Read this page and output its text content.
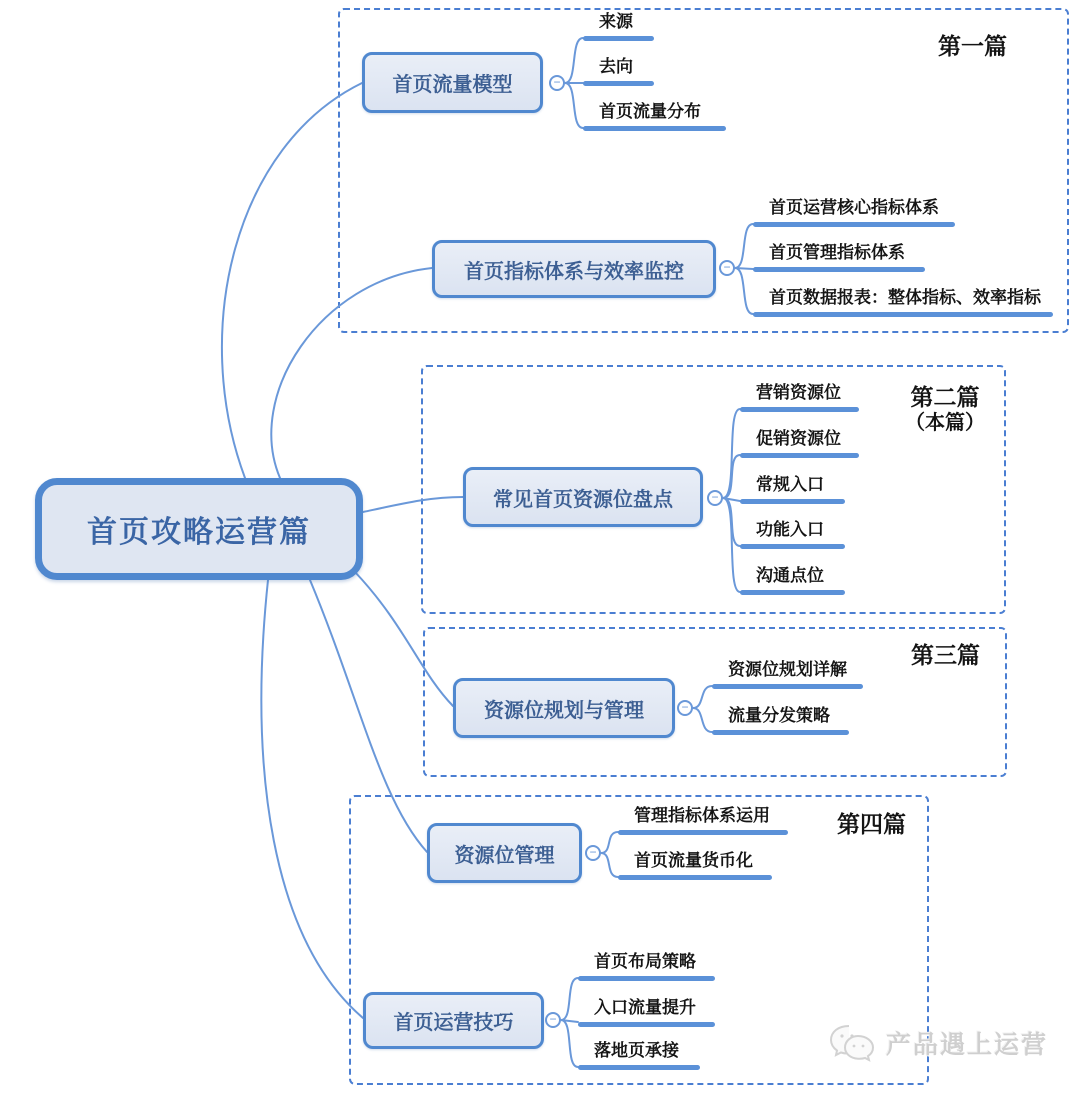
第一篇
第二篇
（本篇）
第三篇
第四篇
首页攻略运营篇
首页流量模型
首页指标体系与效率监控
常见首页资源位盘点
资源位规划与管理
资源位管理
首页运营技巧
−
−
−
−
−
−
来源
去向
首页流量分布
首页运营核心指标体系
首页管理指标体系
首页数据报表：整体指标、效率指标
营销资源位
促销资源位
常规入口
功能入口
沟通点位
资源位规划详解
流量分发策略
管理指标体系运用
首页流量货币化
首页布局策略
入口流量提升
落地页承接	产品遇上运营
